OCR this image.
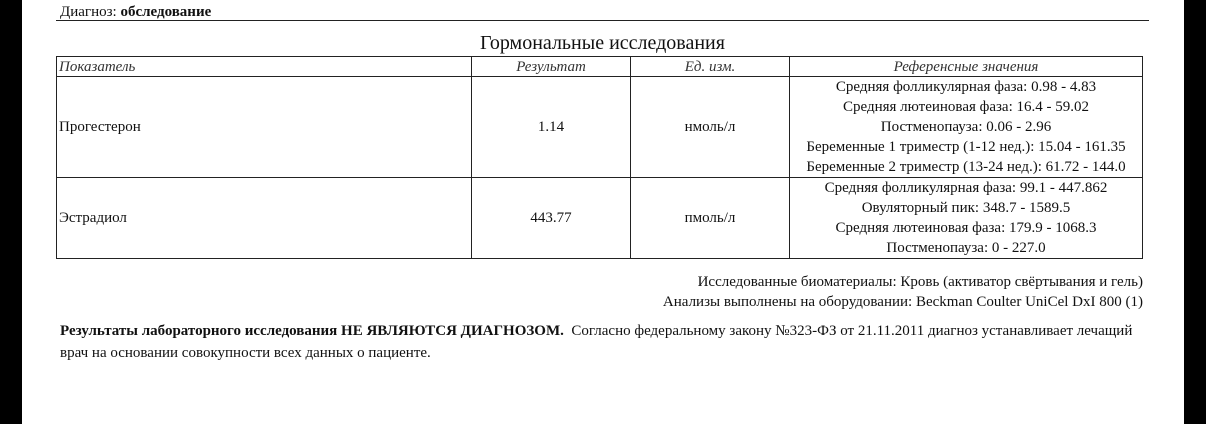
Диагноз: обследование
Гормональные исследования
Показатель	Результат	Ед. изм.	Референсные значения
Прогестерон	1.14	нмоль/л	Средняя фолликулярная фаза: 0.98 - 4.83
Средняя лютеиновая фаза: 16.4 - 59.02
Постменопауза: 0.06 - 2.96
Беременные 1 триместр (1-12 нед.): 15.04 - 161.35
Беременные 2 триместр (13-24 нед.): 61.72 - 144.0

Эстрадиол	443.77	пмоль/л	Средняя фолликулярная фаза: 99.1 - 447.862
Овуляторный пик: 348.7 - 1589.5
Средняя лютеиновая фаза: 179.9 - 1068.3
Постменопауза: 0 - 227.0
Исследованные биоматериалы: Кровь (активатор свёртывания и гель)
Анализы выполнены на оборудовании: Beckman Coulter UniCel DxI 800 (1)
Результаты лабораторного исследования НЕ ЯВЛЯЮТСЯ ДИАГНОЗОМ. Согласно федеральному закону №323-ФЗ от 21.11.2011 диагноз устанавливает лечащий врач на основании совокупности всех данных о пациенте.
